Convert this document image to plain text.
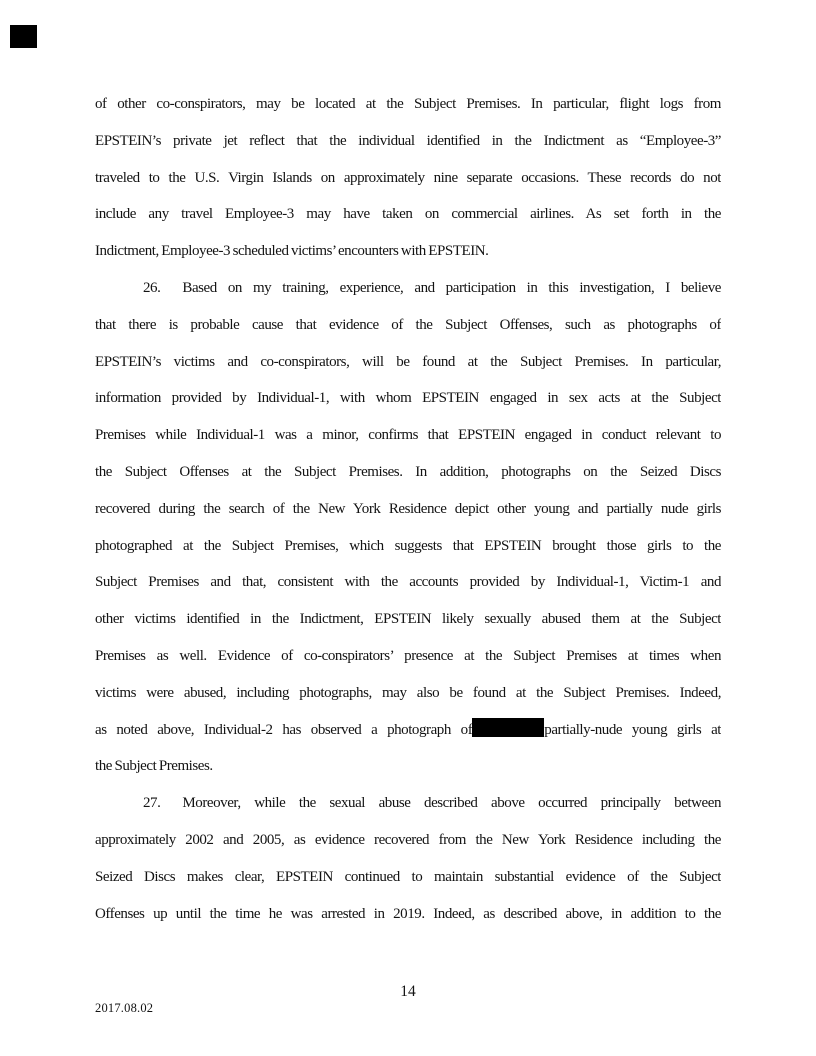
of other co-conspirators, may be located at the Subject Premises. In particular, flight logs from
EPSTEIN’s private jet reflect that the individual identified in the Indictment as “Employee-3”
traveled to the U.S. Virgin Islands on approximately nine separate occasions. These records do not
include any travel Employee-3 may have taken on commercial airlines. As set forth in the
Indictment, Employee-3 scheduled victims’ encounters with EPSTEIN.
26. Based on my training, experience, and participation in this investigation, I believe
that there is probable cause that evidence of the Subject Offenses, such as photographs of
EPSTEIN’s victims and co-conspirators, will be found at the Subject Premises. In particular,
information provided by Individual-1, with whom EPSTEIN engaged in sex acts at the Subject
Premises while Individual-1 was a minor, confirms that EPSTEIN engaged in conduct relevant to
the Subject Offenses at the Subject Premises. In addition, photographs on the Seized Discs
recovered during the search of the New York Residence depict other young and partially nude girls
photographed at the Subject Premises, which suggests that EPSTEIN brought those girls to the
Subject Premises and that, consistent with the accounts provided by Individual-1, Victim-1 and
other victims identified in the Indictment, EPSTEIN likely sexually abused them at the Subject
Premises as well. Evidence of co-conspirators’ presence at the Subject Premises at times when
victims were abused, including photographs, may also be found at the Subject Premises. Indeed,
as noted above, Individual-2 has observed a photograph of	partially-nude young girls at
the Subject Premises.
27. Moreover, while the sexual abuse described above occurred principally between
approximately 2002 and 2005, as evidence recovered from the New York Residence including the
Seized Discs makes clear, EPSTEIN continued to maintain substantial evidence of the Subject
Offenses up until the time he was arrested in 2019. Indeed, as described above, in addition to the
14
2017.08.02
